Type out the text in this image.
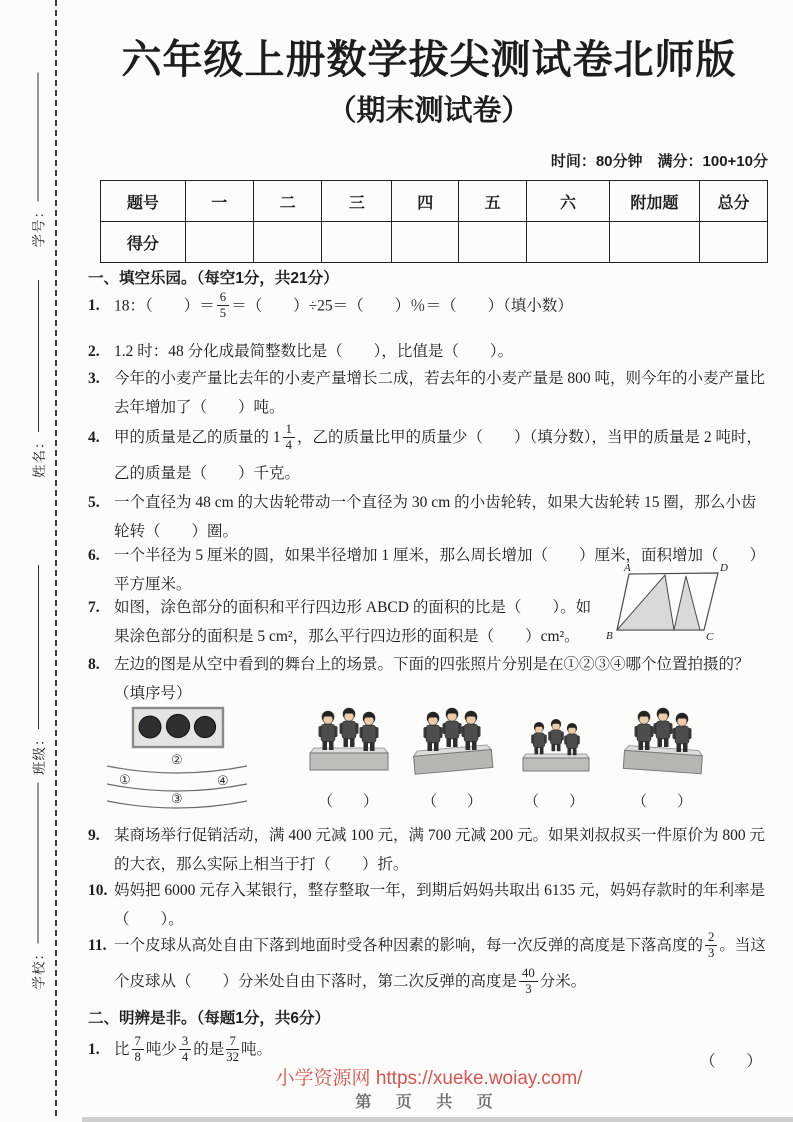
学号：
姓名：
班级：
学校：
六年级上册数学拔尖测试卷北师版
（期末测试卷）
时间：80分钟　满分：100+10分
题号	一	二	三	四	五	六	附加题	总分
得分								
一、填空乐园。（每空1分，共21分）
1. 18：（　　）＝ $\frac{6}{5}$ ＝（　　）÷25＝（　　）％＝（　　）（填小数）
2. 1.2 时：48 分化成最简整数比是（　　），比值是（　　）。
3. 今年的小麦产量比去年的小麦产量增长二成，若去年的小麦产量是 800 吨，则今年的小麦产量比去年增加了（　　）吨。
4. 甲的质量是乙的质量的 $1 \frac{1}{4}$ ，乙的质量比甲的质量少（　　）（填分数），当甲的质量是 2 吨时，乙的质量是（　　）千克。
5. 一个直径为 48 cm 的大齿轮带动一个直径为 30 cm 的小齿轮转，如果大齿轮转 15 圈，那么小齿轮转（　　）圈。
6. 一个半径为 5 厘米的圆，如果半径增加 1 厘米，那么周长增加（　　）厘米，面积增加（　　）平方厘米。
7. 如图，涂色部分的面积和平行四边形 ABCD 的面积的比是（　　）。如果涂色部分的面积是 5 cm²，那么平行四边形的面积是（　　）cm²。
A	D
B	C
8. 左边的图是从空中看到的舞台上的场景。下面的四张照片分别是在①②③④哪个位置拍摄的？（填序号）
②
①	④
③	（　　）	（　　）	（　　）	（　　）
9. 某商场举行促销活动，满 400 元减 100 元，满 700 元减 200 元。如果刘叔叔买一件原价为 800 元的大衣，那么实际上相当于打（　　）折。
10. 妈妈把 6000 元存入某银行，整存整取一年，到期后妈妈共取出 6135 元，妈妈存款时的年利率是（　　）。
11. 一个皮球从高处自由下落到地面时受各种因素的影响，每一次反弹的高度是下落高度的 $\frac{2}{3}$ 。当这个皮球从（　　）分米处自由下落时，第二次反弹的高度是 $\frac{40}{3}$ 分米。
二、明辨是非。（每题1分，共6分）
1. 比 $\frac{7}{8}$ 吨少 $\frac{3}{4}$ 的是 $\frac{7}{32}$ 吨。
（　　）
小学资源网 https://xueke.woiay.com/
第 页 共 页
